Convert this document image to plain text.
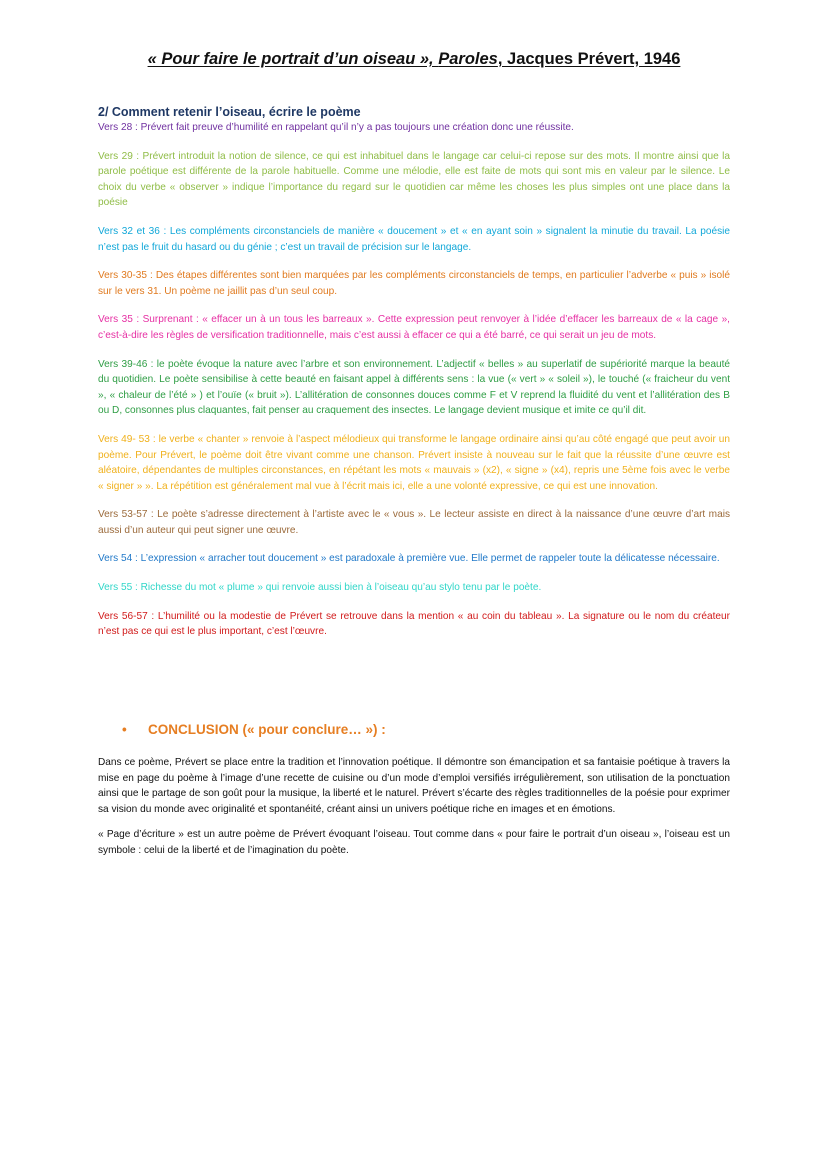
« Pour faire le portrait d’un oiseau », Paroles, Jacques Prévert, 1946
2/ Comment retenir l’oiseau, écrire le poème

Vers 28 : Prévert fait preuve d’humilité en rappelant qu’il n’y a pas toujours une création donc une réussite.

Vers 29 : Prévert introduit la notion de silence, ce qui est inhabituel dans le langage car celui-ci repose sur des mots. Il montre ainsi que la parole poétique est différente de la parole habituelle. Comme une mélodie, elle est faite de mots qui sont mis en valeur par le silence. Le choix du verbe « observer » indique l’importance du regard sur le quotidien car même les choses les plus simples ont une place dans la poésie

Vers 32 et 36 : Les compléments circonstanciels de manière « doucement » et « en ayant soin » signalent la minutie du travail. La poésie n’est pas le fruit du hasard ou du génie ; c’est un travail de précision sur le langage.

Vers 30-35 : Des étapes différentes sont bien marquées par les compléments circonstanciels de temps, en particulier l’adverbe « puis » isolé sur le vers 31. Un poème ne jaillit pas d’un seul coup.

Vers 35 : Surprenant : « effacer un à un tous les barreaux ». Cette expression peut renvoyer à l’idée d’effacer les barreaux de « la cage », c’est-à-dire les règles de versification traditionnelle, mais c’est aussi à effacer ce qui a été barré, ce qui serait un jeu de mots.

Vers 39-46 : le poète évoque la nature avec l’arbre et son environnement. L’adjectif « belles » au superlatif de supériorité marque la beauté du quotidien. Le poète sensibilise à cette beauté en faisant appel à différents sens : la vue (« vert » « soleil »), le touché (« fraicheur du vent », « chaleur de l’été » ) et l’ouïe (« bruit »). L’allitération de consonnes douces comme F et V reprend la fluidité du vent et l’allitération des B ou D, consonnes plus claquantes, fait penser au craquement des insectes. Le langage devient musique et imite ce qu’il dit.

Vers 49- 53 : le verbe « chanter » renvoie à l’aspect mélodieux qui transforme le langage ordinaire ainsi qu’au côté engagé que peut avoir un poème. Pour Prévert, le poème doit être vivant comme une chanson. Prévert insiste à nouveau sur le fait que la réussite d’une œuvre est aléatoire, dépendantes de multiples circonstances, en répétant les mots « mauvais » (x2), « signe » (x4), repris une 5ème fois avec le verbe « signer » ». La répétition est généralement mal vue à l’écrit mais ici, elle a une volonté expressive, ce qui est une innovation.

Vers 53-57 : Le poète s’adresse directement à l’artiste avec le « vous ». Le lecteur assiste en direct à la naissance d’une œuvre d’art mais aussi d’un auteur qui peut signer une œuvre.

Vers 54 : L’expression « arracher tout doucement » est paradoxale à première vue. Elle permet de rappeler toute la délicatesse nécessaire.

Vers 55 : Richesse du mot « plume » qui renvoie aussi bien à l’oiseau qu’au stylo tenu par le poète.

Vers 56-57 : L’humilité ou la modestie de Prévert se retrouve dans la mention « au coin du tableau ». La signature ou le nom du créateur n’est pas ce qui est le plus important, c’est l’œuvre.

• CONCLUSION (« pour conclure… ») :

Dans ce poème, Prévert se place entre la tradition et l’innovation poétique. Il démontre son émancipation et sa fantaisie poétique à travers la mise en page du poème à l’image d’une recette de cuisine ou d’un mode d’emploi versifiés irrégulièrement, son utilisation de la ponctuation ainsi que le partage de son goût pour la musique, la liberté et le naturel. Prévert s’écarte des règles traditionnelles de la poésie pour exprimer sa vision du monde avec originalité et spontanéité, créant ainsi un univers poétique riche en images et en émotions.

« Page d’écriture » est un autre poème de Prévert évoquant l’oiseau. Tout comme dans « pour faire le portrait d’un oiseau », l’oiseau est un symbole : celui de la liberté et de l’imagination du poète.
